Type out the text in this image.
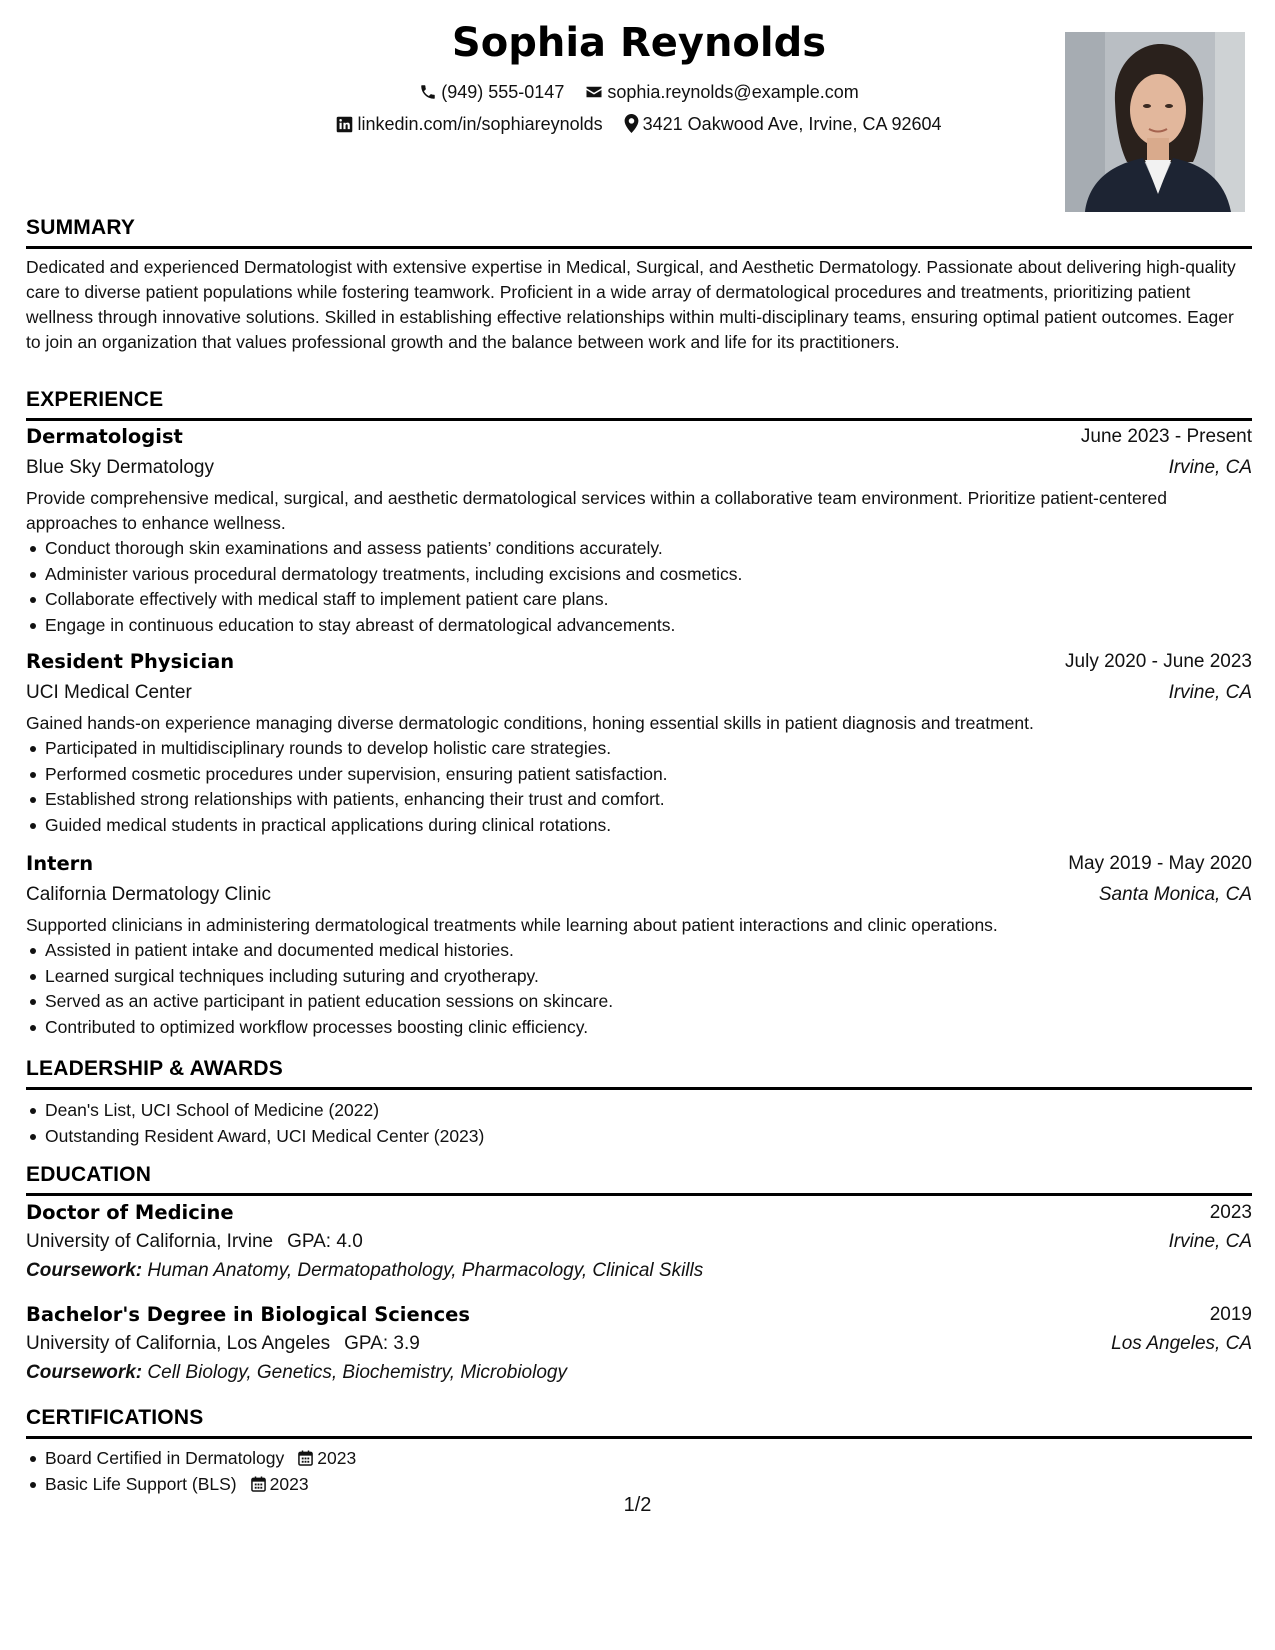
Sophia Reynolds
(949) 555-0147 sophia.reynolds@example.com
linkedin.com/in/sophiareynolds 3421 Oakwood Ave, Irvine, CA 92604
SUMMARY
Dedicated and experienced Dermatologist with extensive expertise in Medical, Surgical, and Aesthetic Dermatology. Passionate about delivering high-quality care to diverse patient populations while fostering teamwork. Proficient in a wide array of dermatological procedures and treatments, prioritizing patient wellness through innovative solutions. Skilled in establishing effective relationships within multi-disciplinary teams, ensuring optimal patient outcomes. Eager to join an organization that values professional growth and the balance between work and life for its practitioners.
EXPERIENCE
Dermatologist	June 2023 - Present
Blue Sky Dermatology	Irvine, CA
Provide comprehensive medical, surgical, and aesthetic dermatological services within a collaborative team environment. Prioritize patient-centered approaches to enhance wellness.
Conduct thorough skin examinations and assess patients’ conditions accurately.
Administer various procedural dermatology treatments, including excisions and cosmetics.
Collaborate effectively with medical staff to implement patient care plans.
Engage in continuous education to stay abreast of dermatological advancements.
Resident Physician	July 2020 - June 2023
UCI Medical Center	Irvine, CA
Gained hands-on experience managing diverse dermatologic conditions, honing essential skills in patient diagnosis and treatment.
Participated in multidisciplinary rounds to develop holistic care strategies.
Performed cosmetic procedures under supervision, ensuring patient satisfaction.
Established strong relationships with patients, enhancing their trust and comfort.
Guided medical students in practical applications during clinical rotations.
Intern	May 2019 - May 2020
California Dermatology Clinic	Santa Monica, CA
Supported clinicians in administering dermatological treatments while learning about patient interactions and clinic operations.
Assisted in patient intake and documented medical histories.
Learned surgical techniques including suturing and cryotherapy.
Served as an active participant in patient education sessions on skincare.
Contributed to optimized workflow processes boosting clinic efficiency.
LEADERSHIP & AWARDS
Dean's List, UCI School of Medicine (2022)
Outstanding Resident Award, UCI Medical Center (2023)
EDUCATION
Doctor of Medicine	2023
University of California, Irvine GPA: 4.0	Irvine, CA
Coursework: Human Anatomy, Dermatopathology, Pharmacology, Clinical Skills
Bachelor's Degree in Biological Sciences	2019
University of California, Los Angeles GPA: 3.9	Los Angeles, CA
Coursework: Cell Biology, Genetics, Biochemistry, Microbiology
CERTIFICATIONS
Board Certified in Dermatology 2023
Basic Life Support (BLS) 2023
1/2
